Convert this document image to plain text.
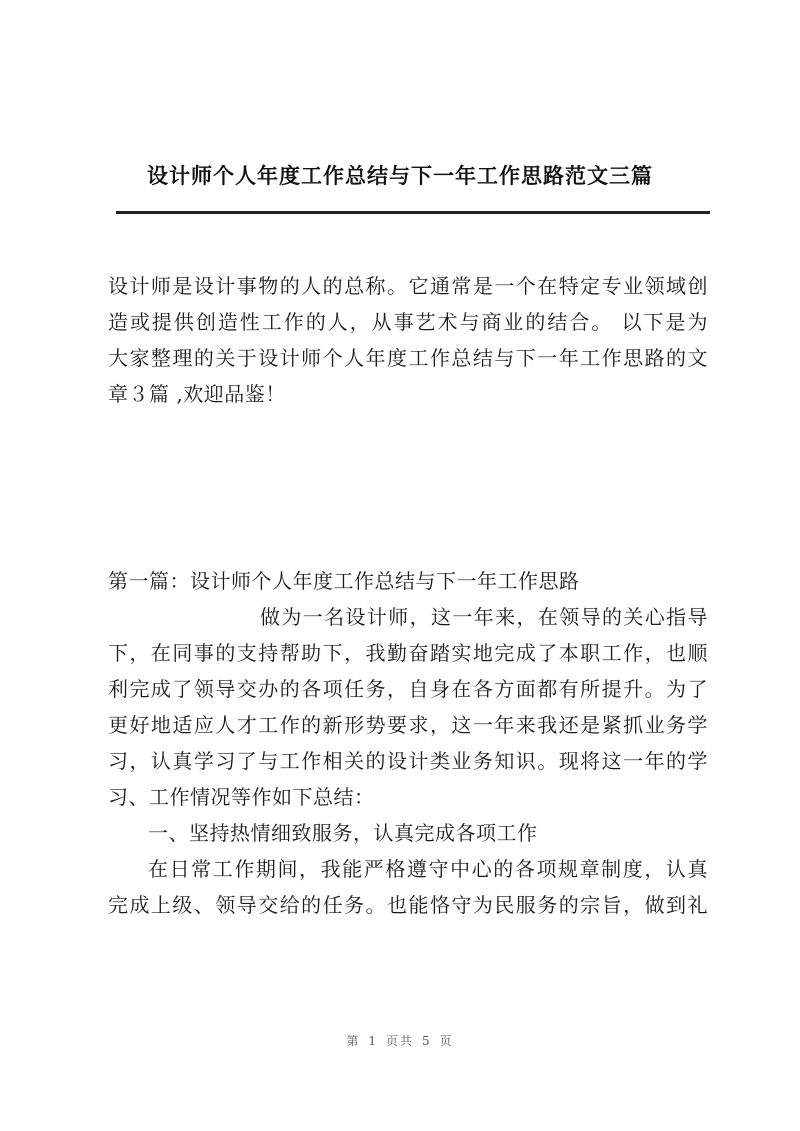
设计师个人年度工作总结与下一年工作思路范文三篇
设计师是设计事物的人的总称。它通常是一个在特定专业领域创
造或提供创造性工作的人，从事艺术与商业的结合。 以下是为
大家整理的关于设计师个人年度工作总结与下一年工作思路的文
章３篇 ,欢迎品鉴！
第一篇：设计师个人年度工作总结与下一年工作思路
做为一名设计师，这一年来，在领导的关心指导
下，在同事的支持帮助下，我勤奋踏实地完成了本职工作，也顺
利完成了领导交办的各项任务，自身在各方面都有所提升。为了
更好地适应人才工作的新形势要求，这一年来我还是紧抓业务学
习，认真学习了与工作相关的设计类业务知识。现将这一年的学
习、工作情况等作如下总结：
一、坚持热情细致服务，认真完成各项工作
在日常工作期间，我能严格遵守中心的各项规章制度，认真
完成上级、领导交给的任务。也能恪守为民服务的宗旨，做到礼
第 1 页共 5 页
